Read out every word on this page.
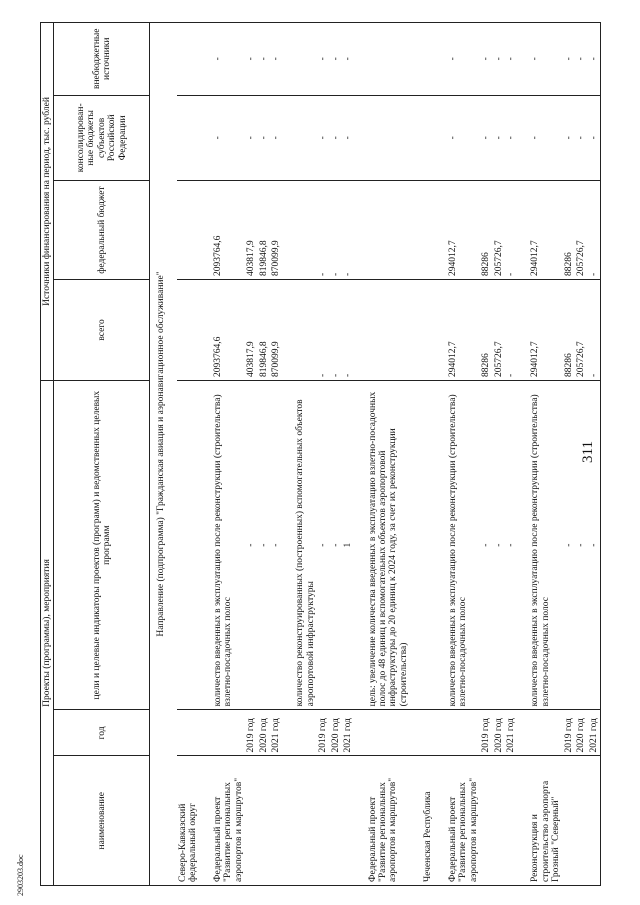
311
Проекты (программы), мероприятия			Источники финансирования на период, тыс. рублей			
наименование	год	цели и целевые индикаторы проектов (программ) и ведомственных целевых программ	всего	федеральный бюджет	консолидирован-ные бюджеты субъектов Российской Федерации	внебюджетные источники
Направление (подпрограмма) "Гражданская авиация и аэронавигационное обслуживание"						
Северо-Кавказский федеральный округ						

Федеральный проект "Развитие региональных аэропортов и маршрутов"		количество введенных в эксплуатацию после реконструкции (строительства) взлетно-посадочных полос	2093764,6	2093764,6	-	-
	2019 год	-	403817,9	403817,9	-	-
	2020 год	-	819846,8	819846,8	-	-
	2021 год	-	870099,9	870099,9	-	-

		количество реконструированных (построенных) вспомогательных объектов аэропортовой инфраструктуры				
	2019 год	-	-	-	-	-
	2020 год	-	-	-	-	-
	2021 год	1	-	-	-	-

Федеральный проект "Развитие региональных аэропортов и маршрутов"		цель: увеличение количества введенных в эксплуатацию взлетно-посадочных полос до 48 единиц и вспомогательных объектов аэропортовой инфраструктуры до 20 единиц к 2024 году, за счет их реконструкции (строительства)				

Чеченская Республика						

Федеральный проект "Развитие региональных аэропортов и маршрутов"		количество введенных в эксплуатацию после реконструкции (строительства) взлетно-посадочных полос	294012,7	294012,7	-	-
	2019 год	-	88286	88286	-	-
	2020 год	-	205726,7	205726,7	-	-
	2021 год	-	-	-	-	-

Реконструкция и строительство аэропорта Грозный "Северный"		количество введенных в эксплуатацию после реконструкции (строительства) взлетно-посадочных полос	294012,7	294012,7	-	-
	2019 год	-	88286	88286	-	-
	2020 год	-	205726,7	205726,7	-	-
	2021 год	-	-	-	-	-
2903203.doc
